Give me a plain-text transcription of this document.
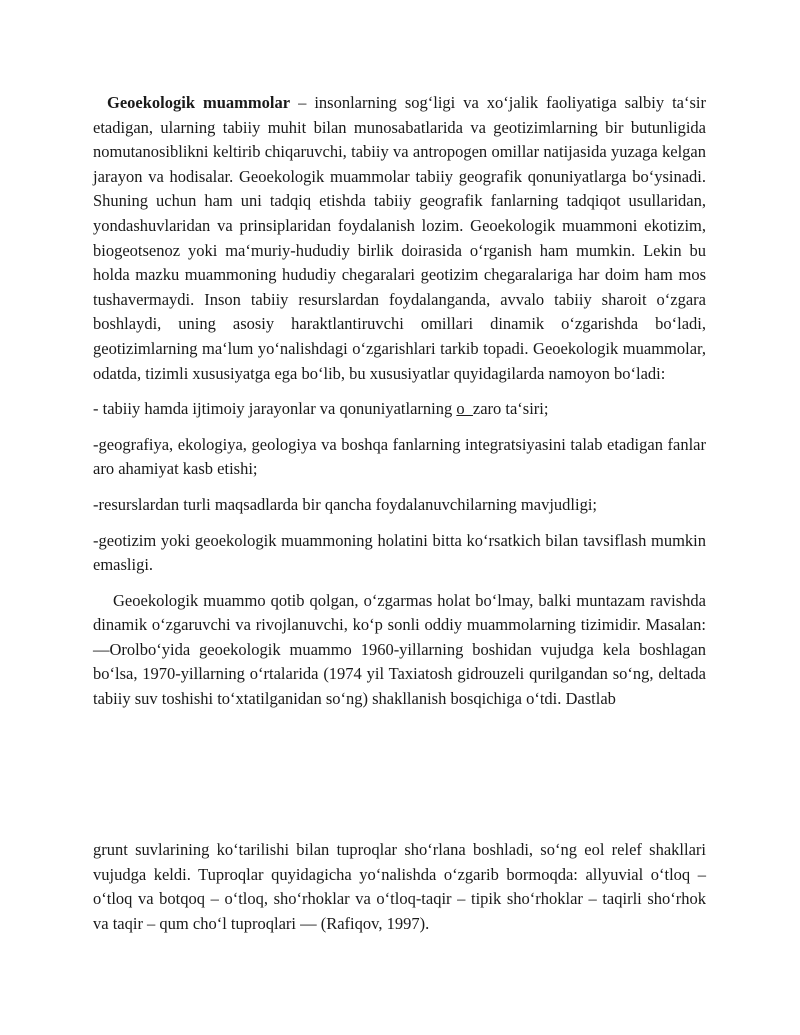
Geoekologik muammolar – insonlarning sog‘ligi va xo‘jalik faoliyatiga salbiy ta‘sir etadigan, ularning tabiiy muhit bilan munosabatlarida va geotizimlarning bir butunligida nomutanosiblikni keltirib chiqaruvchi, tabiiy va antropogen omillar natijasida yuzaga kelgan jarayon va hodisalar. Geoekologik muammolar tabiiy geografik qonuniyatlarga bo‘ysinadi. Shuning uchun ham uni tadqiq etishda tabiiy geografik fanlarning tadqiqot usullaridan, yondashuvlaridan va prinsiplaridan foydalanish lozim. Geoekologik muammoni ekotizim, biogeotsenoz yoki ma‘muriy-hududiy birlik doirasida o‘rganish ham mumkin. Lekin bu holda mazku muammoning hududiy chegaralari geotizim chegaralariga har doim ham mos tushavermaydi. Inson tabiiy resurslardan foydalanganda, avvalo tabiiy sharoit o‘zgara boshlaydi, uning asosiy haraktlantiruvchi omillari dinamik o‘zgarishda bo‘ladi, geotizimlarning ma‘lum yo‘nalishdagi o‘zgarishlari tarkib topadi. Geoekologik muammolar, odatda, tizimli xususiyatga ega bo‘lib, bu xususiyatlar quyidagilarda namoyon bo‘ladi:

- tabiiy hamda ijtimoiy jarayonlar va qonuniyatlarning o_zaro ta‘siri;

-geografiya, ekologiya, geologiya va boshqa fanlarning integratsiyasini talab etadigan fanlar aro ahamiyat kasb etishi;

-resurslardan turli maqsadlarda bir qancha foydalanuvchilarning mavjudligi;

-geotizim yoki geoekologik muammoning holatini bitta ko‘rsatkich bilan tavsiflash mumkin emasligi.

Geoekologik muammo qotib qolgan, o‘zgarmas holat bo‘lmay, balki muntazam ravishda dinamik o‘zgaruvchi va rivojlanuvchi, ko‘p sonli oddiy muammolarning tizimidir. Masalan: —Orolbo‘yida geoekologik muammo 1960-yillarning boshidan vujudga kela boshlagan bo‘lsa, 1970-yillarning o‘rtalarida (1974 yil Taxiatosh gidrouzeli qurilgandan so‘ng, deltada tabiiy suv toshishi to‘xtatilganidan so‘ng) shakllanish bosqichiga o‘tdi. Dastlab

grunt suvlarining ko‘tarilishi bilan tuproqlar sho‘rlana boshladi, so‘ng eol relef shakllari vujudga keldi. Tuproqlar quyidagicha yo‘nalishda o‘zgarib bormoqda: allyuvial o‘tloq – o‘tloq va botqoq – o‘tloq, sho‘rhoklar va o‘tloq-taqir – tipik sho‘rhoklar – taqirli sho‘rhok va taqir – qum cho‘l tuproqlari — (Rafiqov, 1997).
